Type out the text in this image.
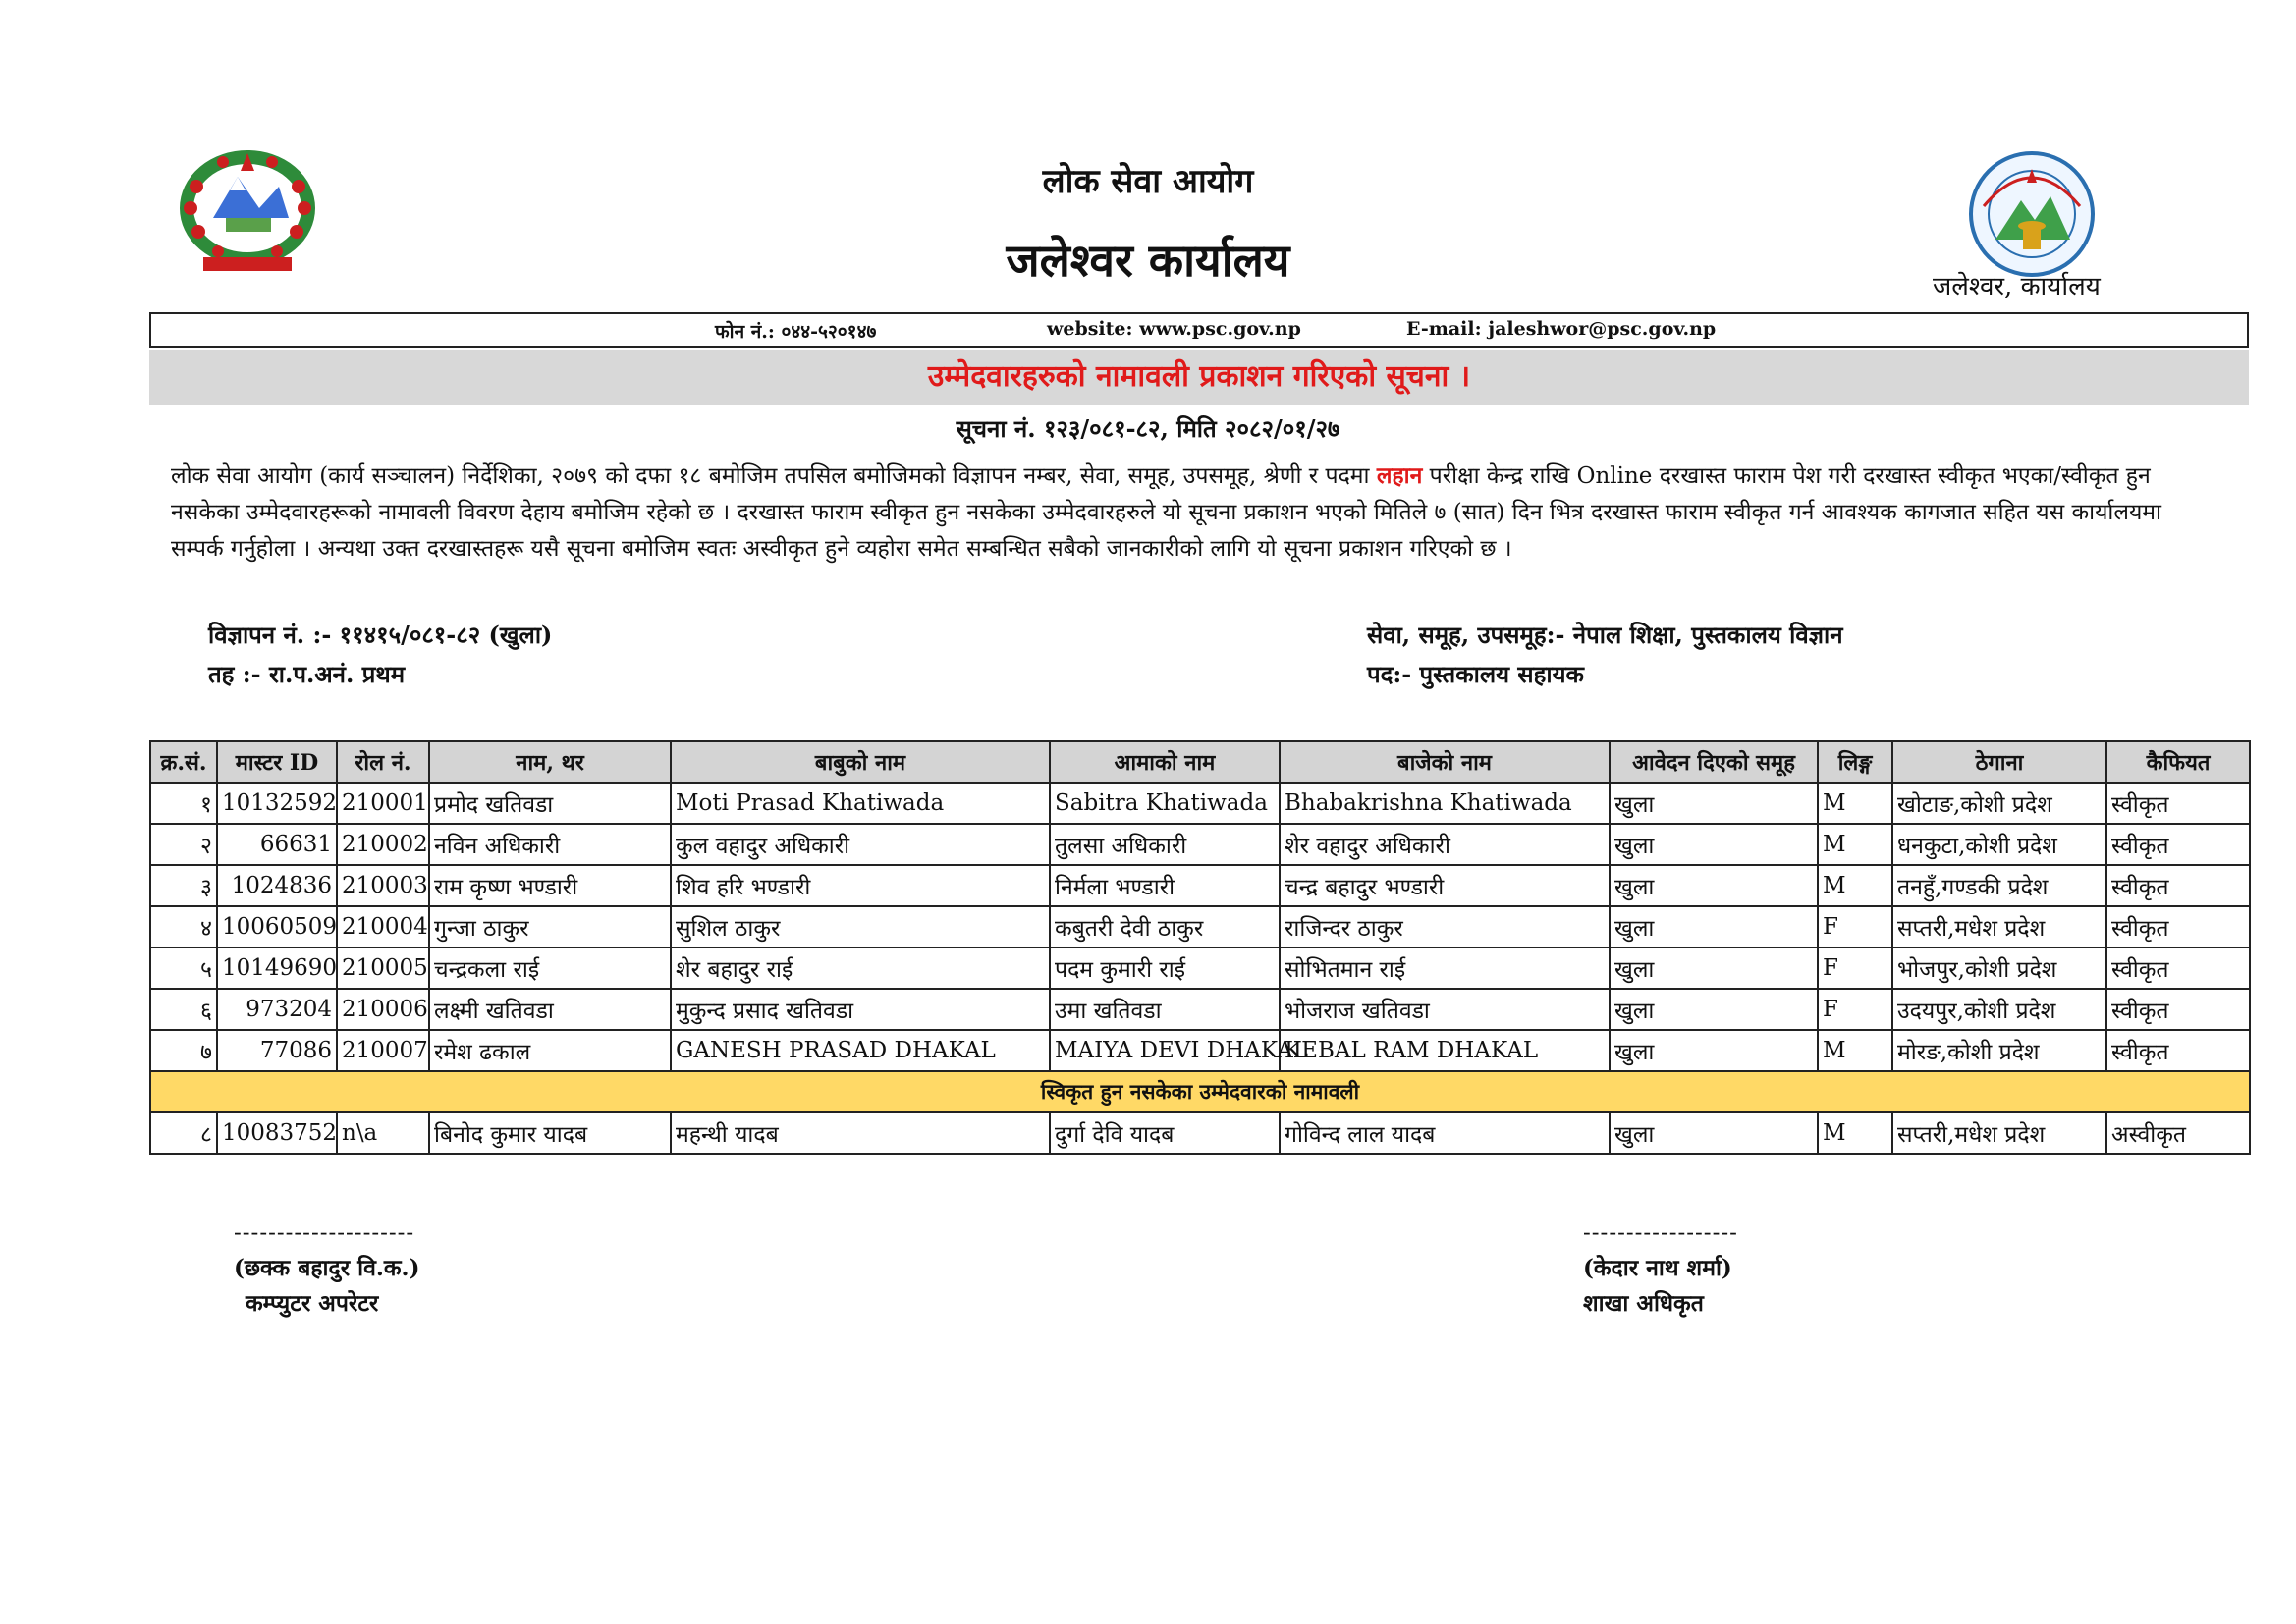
लोक सेवा आयोग
जलेश्वर कार्यालय	जलेश्वर, कार्यालय
फोन नं.: ०४४-५२०१४७	website: www.psc.gov.np	E-mail: jaleshwor@psc.gov.np
उम्मेदवारहरुको नामावली प्रकाशन गरिएको सूचना ।
सूचना नं. १२३/०८१-८२, मिति २०८२/०१/२७
लोक सेवा आयोग (कार्य सञ्चालन) निर्देशिका, २०७९ को दफा १८ बमोजिम तपसिल बमोजिमको विज्ञापन नम्बर, सेवा, समूह, उपसमूह, श्रेणी र पदमा लहान परीक्षा केन्द्र राखि Online दरखास्त फाराम पेश गरी दरखास्त स्वीकृत भएका/स्वीकृत हुन नसकेका उम्मेदवारहरूको नामावली विवरण देहाय बमोजिम रहेको छ । दरखास्त फाराम स्वीकृत हुन नसकेका उम्मेदवारहरुले यो सूचना प्रकाशन भएको मितिले ७ (सात) दिन भित्र दरखास्त फाराम स्वीकृत गर्न आवश्यक कागजात सहित यस कार्यालयमा सम्पर्क गर्नुहोला । अन्यथा उक्त दरखास्तहरू यसै सूचना बमोजिम स्वतः अस्वीकृत हुने व्यहोरा समेत सम्बन्धित सबैको जानकारीको लागि यो सूचना प्रकाशन गरिएको छ ।
विज्ञापन नं. :- ११४१५/०८१-८२ (खुला)
तह :- रा.प.अनं. प्रथम
सेवा, समूह, उपसमूह:- नेपाल शिक्षा, पुस्तकालय विज्ञान
पद:- पुस्तकालय सहायक
क्र.सं.	मास्टर ID	रोल नं.	नाम, थर	बाबुको नाम	आमाको नाम	बाजेको नाम	आवेदन दिएको समूह	लिङ्ग	ठेगाना	कैफियत
१	10132592	210001	प्रमोद खतिवडा	Moti Prasad Khatiwada	Sabitra Khatiwada	Bhabakrishna Khatiwada	खुला	M	खोटाङ,कोशी प्रदेश	स्वीकृत
२	66631	210002	नविन अधिकारी	कुल वहादुर अधिकारी	तुलसा अधिकारी	शेर वहादुर अधिकारी	खुला	M	धनकुटा,कोशी प्रदेश	स्वीकृत
३	1024836	210003	राम कृष्ण भण्डारी	शिव हरि भण्डारी	निर्मला भण्डारी	चन्द्र बहादुर भण्डारी	खुला	M	तनहुँ,गण्डकी प्रदेश	स्वीकृत
४	10060509	210004	गुन्जा ठाकुर	सुशिल ठाकुर	कबुतरी देवी ठाकुर	राजिन्दर ठाकुर	खुला	F	सप्तरी,मधेश प्रदेश	स्वीकृत
५	10149690	210005	चन्द्रकला राई	शेर बहादुर राई	पदम कुमारी राई	सोभितमान राई	खुला	F	भोजपुर,कोशी प्रदेश	स्वीकृत
६	973204	210006	लक्ष्मी खतिवडा	मुकुन्द प्रसाद खतिवडा	उमा खतिवडा	भोजराज खतिवडा	खुला	F	उदयपुर,कोशी प्रदेश	स्वीकृत
७	77086	210007	रमेश ढकाल	GANESH PRASAD DHAKAL	MAIYA DEVI DHAKAL	KEBAL RAM DHAKAL	खुला	M	मोरङ,कोशी प्रदेश	स्वीकृत
स्विकृत हुन नसकेका उम्मेदवारको नामावली										
८	10083752	n\a	बिनोद कुमार यादब	महन्थी यादब	दुर्गा देवि यादब	गोविन्द लाल यादब	खुला	M	सप्तरी,मधेश प्रदेश	अस्वीकृत
---------------------
(छक्क बहादुर वि.क.)
कम्प्युटर अपरेटर
------------------
(केदार नाथ शर्मा)
शाखा अधिकृत
